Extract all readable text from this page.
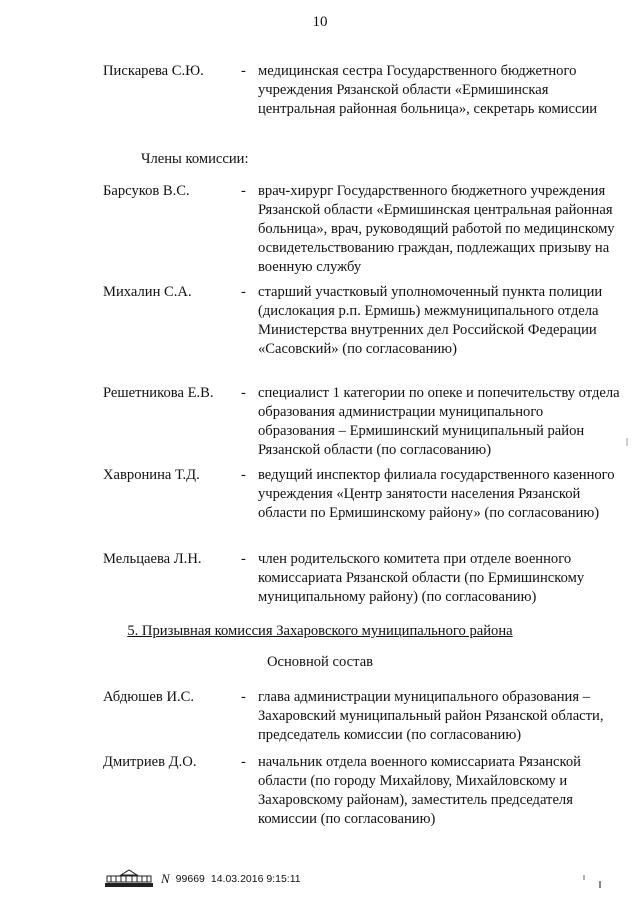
10
Пискарева С.Ю.	- медицинская сестра Государственного бюджетного учреждения Рязанской области «Ермишинская центральная районная больница», секретарь комиссии
Члены комиссии:
Барсуков В.С.	- врач-хирург Государственного бюджетного учреждения Рязанской области «Ермишинская центральная районная больница», врач, руководящий работой по медицинскому освидетельствованию граждан, подлежащих призыву на военную службу
Михалин С.А.	- старший участковый уполномоченный пункта полиции (дислокация р.п. Ермишь) межмуниципального отдела Министерства внутренних дел Российской Федерации «Сасовский» (по согласованию)
Решетникова Е.В.	- специалист 1 категории по опеке и попечительству отдела образования администрации муниципального образования – Ермишинский муниципальный район Рязанской области (по согласованию)
Хавронина Т.Д.	- ведущий инспектор филиала государственного казенного учреждения «Центр занятости населения Рязанской области по Ермишинскому району» (по согласованию)
Мельцаева Л.Н.	- член родительского комитета при отделе военного комиссариата Рязанской области (по Ермишинскому муниципальному району) (по согласованию)
5. Призывная комиссия Захаровского муниципального района
Основной состав
Абдюшев И.С.	- глава администрации муниципального образования – Захаровский муниципальный район Рязанской области, председатель комиссии (по согласованию)
Дмитриев Д.О.	- начальник отдела военного комиссариата Рязанской области (по городу Михайлову, Михайловскому и Захаровскому районам), заместитель председателя комиссии (по согласованию)
N 99669 14.03.2016 9:15:11
